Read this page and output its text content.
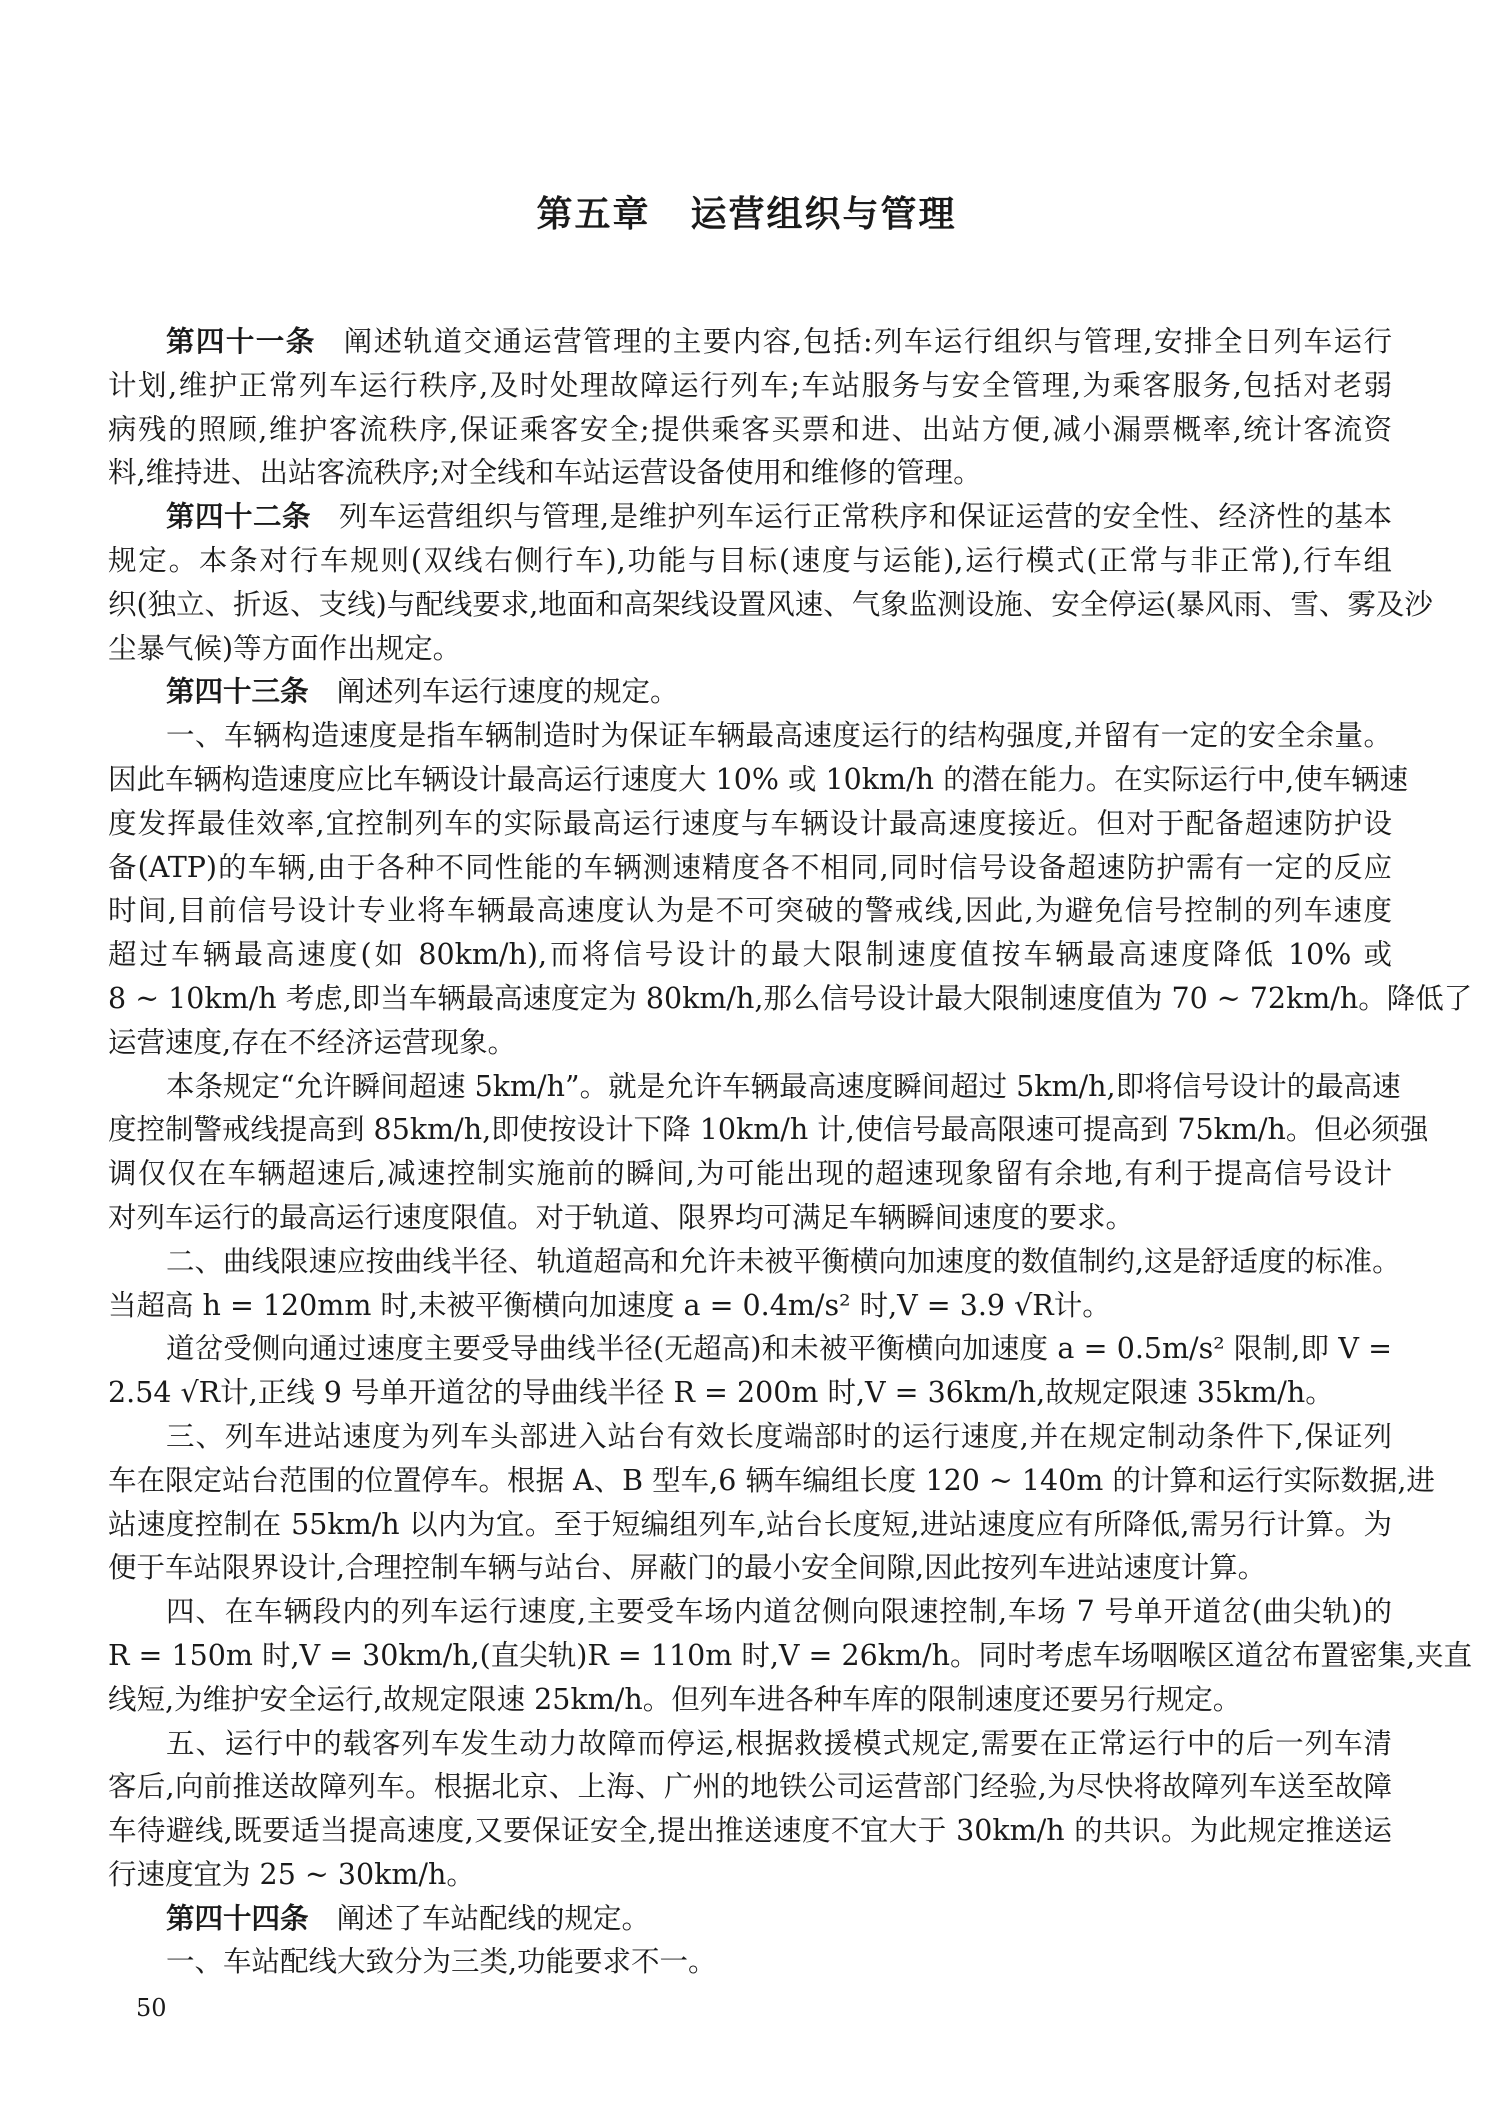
第五章 运营组织与管理
第四十一条 阐述轨道交通运营管理的主要内容,包括:列车运行组织与管理,安排全日列车运行
计划,维护正常列车运行秩序,及时处理故障运行列车;车站服务与安全管理,为乘客服务,包括对老弱
病残的照顾,维护客流秩序,保证乘客安全;提供乘客买票和进、出站方便,减小漏票概率,统计客流资
料,维持进、出站客流秩序;对全线和车站运营设备使用和维修的管理。
第四十二条 列车运营组织与管理,是维护列车运行正常秩序和保证运营的安全性、经济性的基本
规定。本条对行车规则(双线右侧行车),功能与目标(速度与运能),运行模式(正常与非正常),行车组
织(独立、折返、支线)与配线要求,地面和高架线设置风速、气象监测设施、安全停运(暴风雨、雪、雾及沙
尘暴气候)等方面作出规定。
第四十三条 阐述列车运行速度的规定。
一、车辆构造速度是指车辆制造时为保证车辆最高速度运行的结构强度,并留有一定的安全余量。
因此车辆构造速度应比车辆设计最高运行速度大 10% 或 10km/h 的潜在能力。在实际运行中,使车辆速
度发挥最佳效率,宜控制列车的实际最高运行速度与车辆设计最高速度接近。但对于配备超速防护设
备(ATP)的车辆,由于各种不同性能的车辆测速精度各不相同,同时信号设备超速防护需有一定的反应
时间,目前信号设计专业将车辆最高速度认为是不可突破的警戒线,因此,为避免信号控制的列车速度
超过车辆最高速度(如 80km/h),而将信号设计的最大限制速度值按车辆最高速度降低 10% 或
8 ~ 10km/h 考虑,即当车辆最高速度定为 80km/h,那么信号设计最大限制速度值为 70 ~ 72km/h。降低了
运营速度,存在不经济运营现象。
本条规定“允许瞬间超速 5km/h”。就是允许车辆最高速度瞬间超过 5km/h,即将信号设计的最高速
度控制警戒线提高到 85km/h,即使按设计下降 10km/h 计,使信号最高限速可提高到 75km/h。但必须强
调仅仅在车辆超速后,减速控制实施前的瞬间,为可能出现的超速现象留有余地,有利于提高信号设计
对列车运行的最高运行速度限值。对于轨道、限界均可满足车辆瞬间速度的要求。
二、曲线限速应按曲线半径、轨道超高和允许未被平衡横向加速度的数值制约,这是舒适度的标准。
当超高 h = 120mm 时,未被平衡横向加速度 a = 0.4m/s² 时,V = 3.9 √R计。
道岔受侧向通过速度主要受导曲线半径(无超高)和未被平衡横向加速度 a = 0.5m/s² 限制,即 V =
2.54 √R计,正线 9 号单开道岔的导曲线半径 R = 200m 时,V = 36km/h,故规定限速 35km/h。
三、列车进站速度为列车头部进入站台有效长度端部时的运行速度,并在规定制动条件下,保证列
车在限定站台范围的位置停车。根据 A、B 型车,6 辆车编组长度 120 ~ 140m 的计算和运行实际数据,进
站速度控制在 55km/h 以内为宜。至于短编组列车,站台长度短,进站速度应有所降低,需另行计算。为
便于车站限界设计,合理控制车辆与站台、屏蔽门的最小安全间隙,因此按列车进站速度计算。
四、在车辆段内的列车运行速度,主要受车场内道岔侧向限速控制,车场 7 号单开道岔(曲尖轨)的
R = 150m 时,V = 30km/h,(直尖轨)R = 110m 时,V = 26km/h。同时考虑车场咽喉区道岔布置密集,夹直
线短,为维护安全运行,故规定限速 25km/h。但列车进各种车库的限制速度还要另行规定。
五、运行中的载客列车发生动力故障而停运,根据救援模式规定,需要在正常运行中的后一列车清
客后,向前推送故障列车。根据北京、上海、广州的地铁公司运营部门经验,为尽快将故障列车送至故障
车待避线,既要适当提高速度,又要保证安全,提出推送速度不宜大于 30km/h 的共识。为此规定推送运
行速度宜为 25 ~ 30km/h。
第四十四条 阐述了车站配线的规定。
一、车站配线大致分为三类,功能要求不一。
50
